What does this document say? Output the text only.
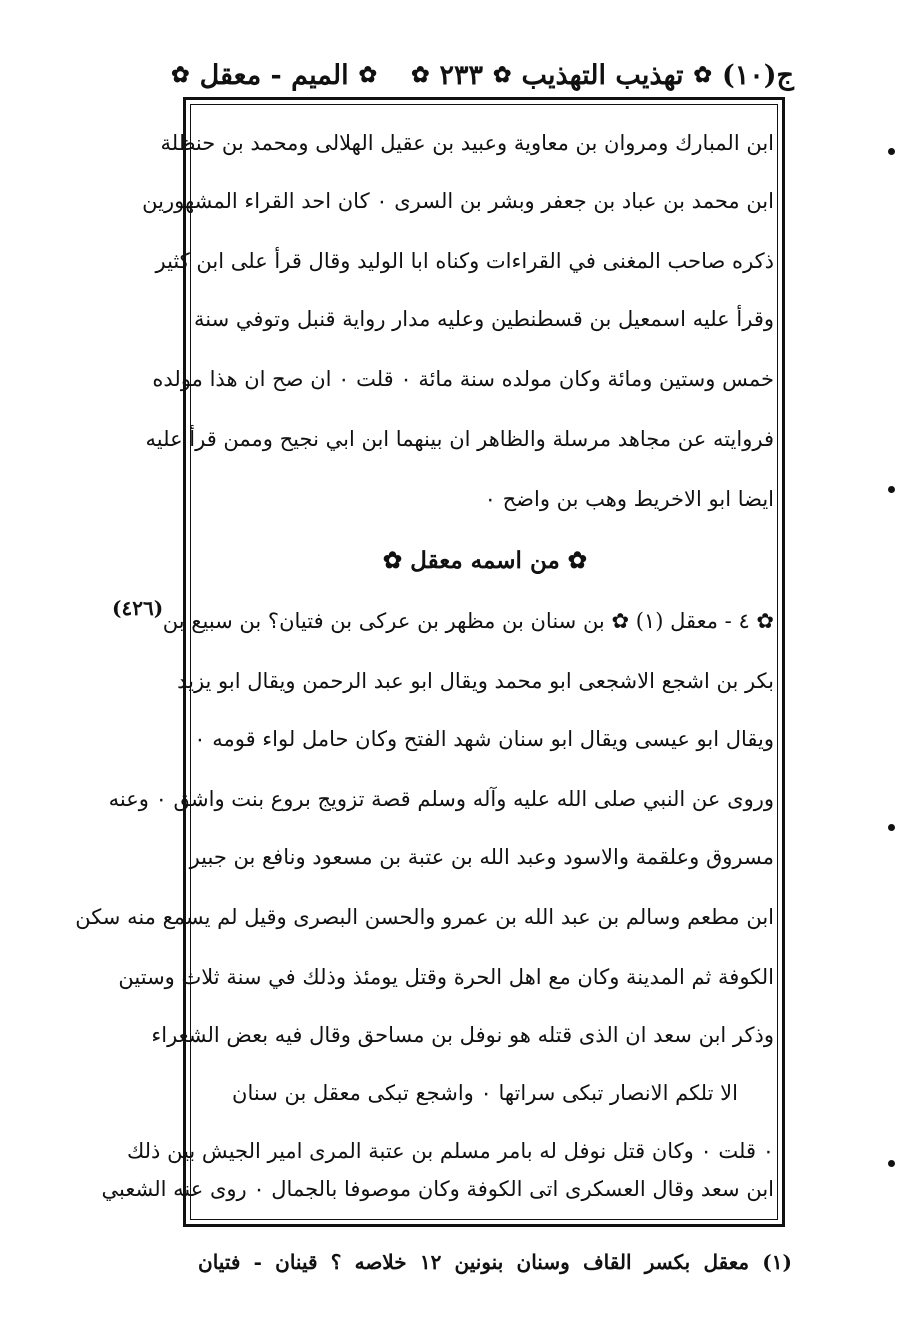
ج(١٠)
✿
تهذيب التهذيب
✿
٢٣٣
✿
✿
الميم - معقل
✿
ابن المبارك ومروان بن معاوية وعبيد بن عقيل الهلالى ومحمد بن حنظلة
ابن محمد بن عباد بن جعفر وبشر بن السرى ٠ كان احد القراء المشهورين
ذكره صاحب المغنى في القراءات وكناه ابا الوليد وقال قرأ على ابن كثير
وقرأ عليه اسمعيل بن قسطنطين وعليه مدار رواية قنبل وتوفي سنة
خمس وستين ومائة وكان مولده سنة مائة ٠ قلت ٠ ان صح ان هذا مولده
فروايته عن مجاهد مرسلة والظاهر ان بينهما ابن ابي نجيح وممن قرأ عليه
ايضا ابو الاخريط وهب بن واضح ٠
✿ من اسمه معقل ✿
✿ ٤ - معقل (١) ✿ بن سنان بن مظهر بن عركى بن فتيان؟ بن سبيع بن
بكر بن اشجع الاشجعى ابو محمد ويقال ابو عبد الرحمن ويقال ابو يزيد
ويقال ابو عيسى ويقال ابو سنان شهد الفتح وكان حامل لواء قومه ٠
وروى عن النبي صلى الله عليه وآله وسلم قصة تزويج بروع بنت واشق ٠ وعنه
مسروق وعلقمة والاسود وعبد الله بن عتبة بن مسعود ونافع بن جبير
ابن مطعم وسالم بن عبد الله بن عمرو والحسن البصرى وقيل لم يسمع منه سكن
الكوفة ثم المدينة وكان مع اهل الحرة وقتل يومئذ وذلك في سنة ثلاث وستين
وذكر ابن سعد ان الذى قتله هو نوفل بن مساحق وقال فيه بعض الشعراء
الا تلكم الانصار تبكى سراتها ٠ واشجع تبكى معقل بن سنان
٠ قلت ٠ وكان قتل نوفل له بامر مسلم بن عتبة المرى امير الجيش بين ذلك
ابن سعد وقال العسكرى اتى الكوفة وكان موصوفا بالجمال ٠ روى عنه الشعبي
(٤٢٦)
(١) معقل بكسر القاف وسنان بنونين ١٢ خلاصه ؟ قينان - فتيان
